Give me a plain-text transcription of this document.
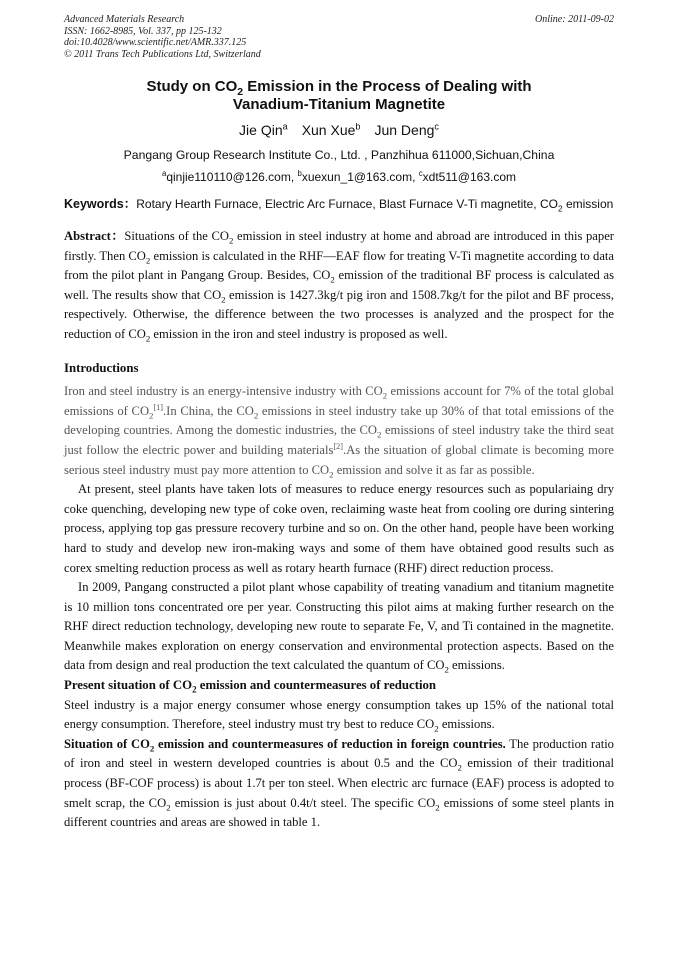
Advanced Materials Research
ISSN: 1662-8985, Vol. 337, pp 125-132
doi:10.4028/www.scientific.net/AMR.337.125
© 2011 Trans Tech Publications Ltd, Switzerland
Online: 2011-09-02
Study on $CO_2$ Emission in the Process of Dealing with
Vanadium-Titanium Magnetite
Jie Qin$^a$ Xun Xue$^b$ Jun Deng$^c$
Pangang Group Research Institute Co., Ltd. , Panzhihua 611000,Sichuan,China
$^a$qinjie110110@126.com, $^b$xuexun_1@163.com, $^c$xdt511@163.com
Keywords：Rotary Hearth Furnace, Electric Arc Furnace, Blast Furnace V-Ti magnetite, $CO_2$ emission

Abstract：Situations of the $CO_2$ emission in steel industry at home and abroad are introduced in this paper firstly. Then $CO_2$ emission is calculated in the RHF—EAF flow for treating V-Ti magnetite according to data from the pilot plant in Pangang Group. Besides, $CO_2$ emission of the traditional BF process is calculated as well. The results show that $CO_2$ emission is 1427.3kg/t pig iron and 1508.7kg/t for the pilot and BF process, respectively. Otherwise, the difference between the two processes is analyzed and the prospect for the reduction of $CO_2$ emission in the iron and steel industry is proposed as well.

Introductions

Iron and steel industry is an energy-intensive industry with $CO_2$ emissions account for 7% of the total global emissions of $CO_2[1].In$ China, the $CO_2$ emissions in steel industry take up 30% of that total emissions of the developing countries. Among the domestic industries, the $CO_2$ emissions of steel industry take the third seat just follow the electric power and building materials[2].As the situation of global climate is becoming more serious steel industry must pay more attention to $CO_2$ emission and solve it as far as possible.

At present, steel plants have taken lots of measures to reduce energy resources such as populariaing dry coke quenching, developing new type of coke oven, reclaiming waste heat from cooling ore during sintering process, applying top gas pressure recovery turbine and so on. On the other hand, people have been working hard to study and develop new iron-making ways and some of them have obtained good results such as corex smelting reduction process as well as rotary hearth furnace (RHF) direct reduction process.

In 2009, Pangang constructed a pilot plant whose capability of treating vanadium and titanium magnetite is 10 million tons concentrated ore per year. Constructing this pilot aims at making further research on the RHF direct reduction technology, developing new route to separate Fe, V, and Ti contained in the magnetite. Meanwhile makes exploration on energy conservation and environmental protection aspects. Based on the data from design and real production the text calculated the quantum of $CO_2$ emissions.

Present situation of $CO_2$ emission and countermeasures of reduction

Steel industry is a major energy consumer whose energy consumption takes up 15% of the national total energy consumption. Therefore, steel industry must try best to reduce $CO_2$ emissions.

Situation of $CO_2$ emission and countermeasures of reduction in foreign countries. The production ratio of iron and steel in western developed countries is about 0.5 and the $CO_2$ emission of their traditional process (BF-COF process) is about 1.7t per ton steel. When electric arc furnace (EAF) process is adopted to smelt scrap, the $CO_2$ emission is just about 0.4t/t steel. The specific $CO_2$ emissions of some steel plants in different countries and areas are showed in table 1.
